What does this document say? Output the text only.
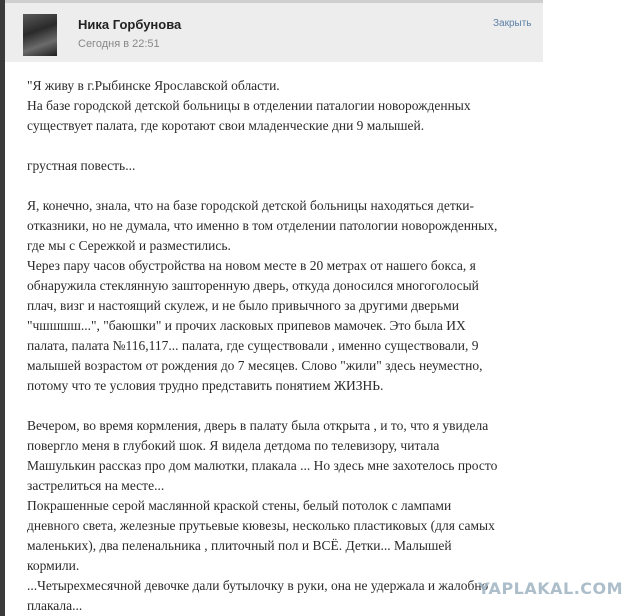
Ника Горбунова
Сегодня в 22:51
Закрыть
"Я живу в г.Рыбинске Ярославской области.
На базе городской детской больницы в отделении паталогии новорожденных
существует палата, где коротают свои младенческие дни 9 малышей.
грустная повесть...
Я, конечно, знала, что на базе городской детской больницы находяться детки-
отказники, но не думала, что именно в том отделении патологии новорожденных,
где мы с Сережкой и разместились.
Через пару часов обустройства на новом месте в 20 метрах от нашего бокса, я
обнаружила стеклянную зашторенную дверь, откуда доносился многоголосый
плач, визг и настоящий скулеж, и не было привычного за другими дверьми
"чшшшш...", "баюшки" и прочих ласковых припевов мамочек. Это была ИХ
палата, палата №116,117... палата, где существовали , именно существовали, 9
малышей возрастом от рождения до 7 месяцев. Слово "жили" здесь неуместно,
потому что те условия трудно представить понятием ЖИЗНЬ.
Вечером, во время кормления, дверь в палату была открыта , и то, что я увидела
повергло меня в глубокий шок. Я видела детдома по телевизору, читала
Машулькин рассказ про дом малютки, плакала ... Но здесь мне захотелось просто
застрелиться на месте...
Покрашенные серой маслянной краской стены, белый потолок с лампами
дневного света, железные прутьевые кювезы, несколько пластиковых (для самых
маленьких), два пеленальника , плиточный пол и ВСЁ. Детки... Малышей
кормили.
...Четырехмесячной девочке дали бутылочку в руки, она не удержала и жалобно
плакала...
YAPLAKAL.COM
